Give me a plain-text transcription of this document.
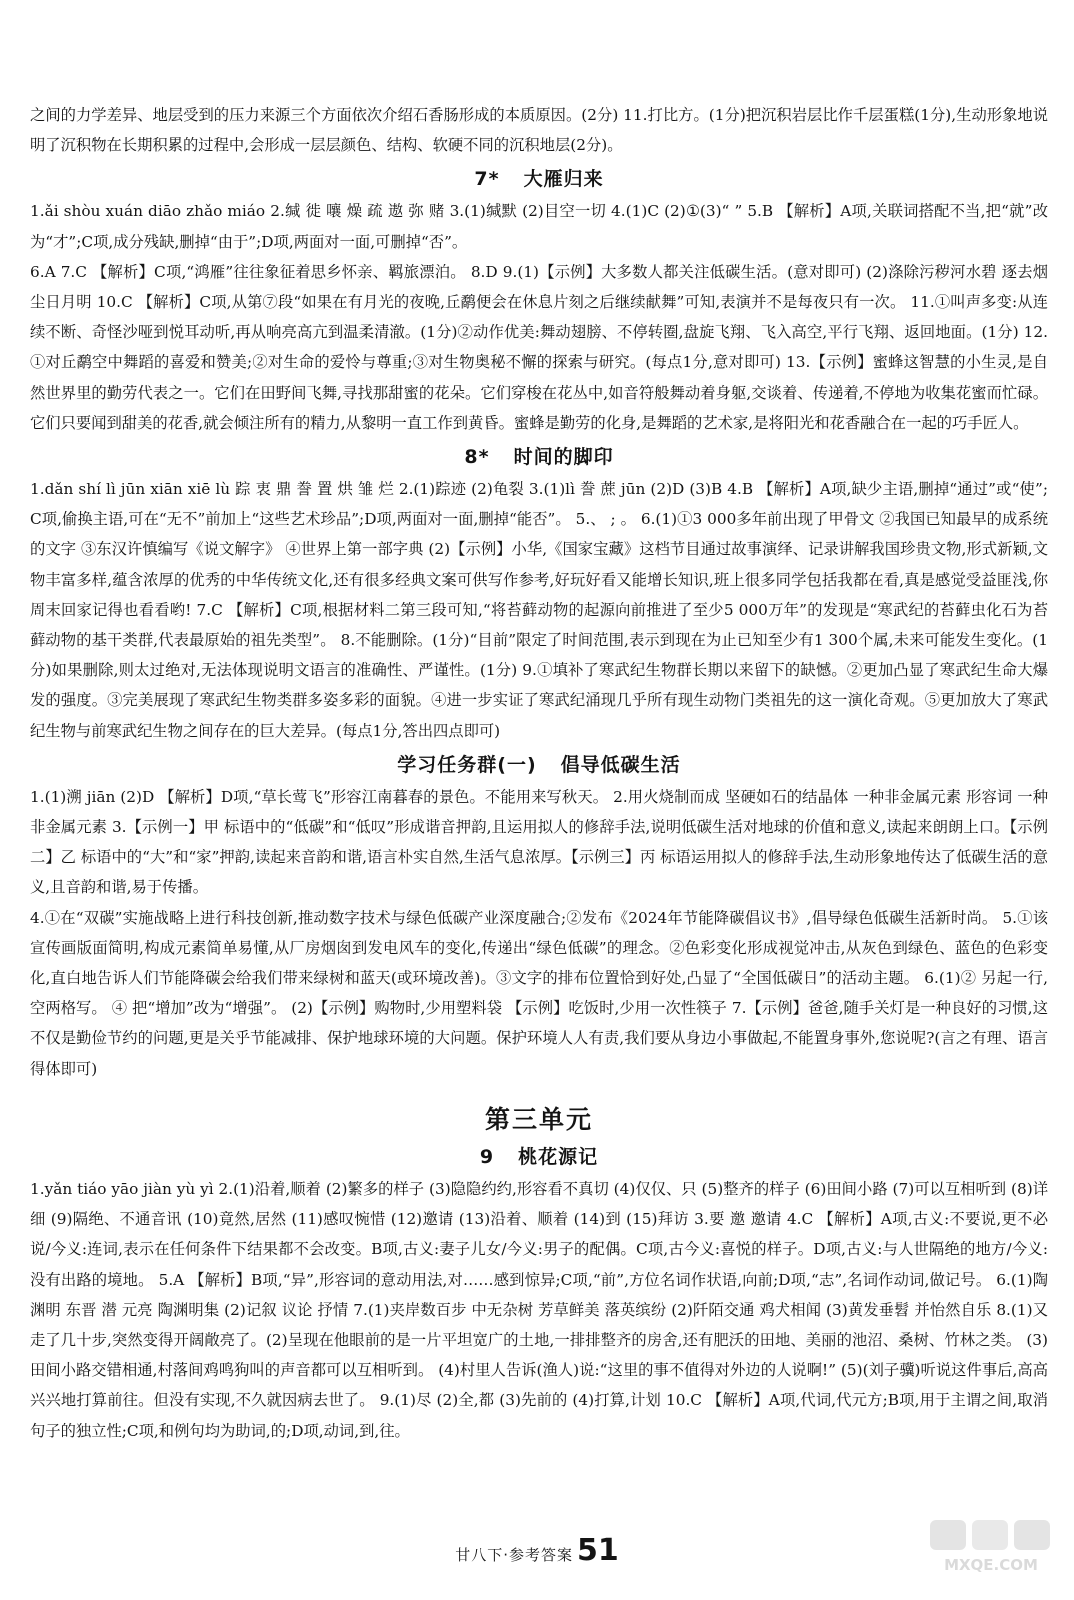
之间的力学差异、地层受到的压力来源三个方面依次介绍石香肠形成的本质原因。(2分) 11.打比方。(1分)把沉积岩层比作千层蛋糕(1分),生动形象地说明了沉积物在长期积累的过程中,会形成一层层颜色、结构、软硬不同的沉积地层(2分)。

7* 大雁归来

1.ǎi shòu xuán diāo zhǎo miáo 2.缄 徙 嚷 燥 疏 遨 弥 赌 3.(1)缄默 (2)目空一切 4.(1)C (2)①(3)“ ” 5.B 【解析】A项,关联词搭配不当,把“就”改为“才”;C项,成分残缺,删掉“由于”;D项,两面对一面,可删掉“否”。

6.A 7.C 【解析】C项,“鸿雁”往往象征着思乡怀亲、羁旅漂泊。 8.D 9.(1)【示例】大多数人都关注低碳生活。(意对即可) (2)涤除污秽河水碧 逐去烟尘日月明 10.C 【解析】C项,从第⑦段“如果在有月光的夜晚,丘鹬便会在休息片刻之后继续献舞”可知,表演并不是每夜只有一次。 11.①叫声多变:从连续不断、奇怪沙哑到悦耳动听,再从响亮高亢到温柔清澈。(1分)②动作优美:舞动翅膀、不停转圈,盘旋飞翔、飞入高空,平行飞翔、返回地面。(1分) 12.①对丘鹬空中舞蹈的喜爱和赞美;②对生命的爱怜与尊重;③对生物奥秘不懈的探索与研究。(每点1分,意对即可) 13.【示例】蜜蜂这智慧的小生灵,是自然世界里的勤劳代表之一。它们在田野间飞舞,寻找那甜蜜的花朵。它们穿梭在花丛中,如音符般舞动着身躯,交谈着、传递着,不停地为收集花蜜而忙碌。它们只要闻到甜美的花香,就会倾注所有的精力,从黎明一直工作到黄昏。蜜蜂是勤劳的化身,是舞蹈的艺术家,是将阳光和花香融合在一起的巧手匠人。

8* 时间的脚印

1.dǎn shí lì jūn xiān xiē lù 踪 衷 鼎 誊 置 烘 雏 烂 2.(1)踪迹 (2)龟裂 3.(1)lì 誊 蔗 jūn (2)D (3)B 4.B 【解析】A项,缺少主语,删掉“通过”或“使”;C项,偷换主语,可在“无不”前加上“这些艺术珍品”;D项,两面对一面,删掉“能否”。 5.、 ; 。 6.(1)①3 000多年前出现了甲骨文 ②我国已知最早的成系统的文字 ③东汉许慎编写《说文解字》 ④世界上第一部字典 (2)【示例】小华,《国家宝藏》这档节目通过故事演绎、记录讲解我国珍贵文物,形式新颖,文物丰富多样,蕴含浓厚的优秀的中华传统文化,还有很多经典文案可供写作参考,好玩好看又能增长知识,班上很多同学包括我都在看,真是感觉受益匪浅,你周末回家记得也看看哟! 7.C 【解析】C项,根据材料二第三段可知,“将苔藓动物的起源向前推进了至少5 000万年”的发现是“寒武纪的苔藓虫化石为苔藓动物的基干类群,代表最原始的祖先类型”。 8.不能删除。(1分)“目前”限定了时间范围,表示到现在为止已知至少有1 300个属,未来可能发生变化。(1分)如果删除,则太过绝对,无法体现说明文语言的准确性、严谨性。(1分) 9.①填补了寒武纪生物群长期以来留下的缺憾。②更加凸显了寒武纪生命大爆发的强度。③完美展现了寒武纪生物类群多姿多彩的面貌。④进一步实证了寒武纪涌现几乎所有现生动物门类祖先的这一演化奇观。⑤更加放大了寒武纪生物与前寒武纪生物之间存在的巨大差异。(每点1分,答出四点即可)

学习任务群(一) 倡导低碳生活

1.(1)溯 jiān (2)D 【解析】D项,“草长莺飞”形容江南暮春的景色。不能用来写秋天。 2.用火烧制而成 坚硬如石的结晶体 一种非金属元素 形容词 一种非金属元素 3.【示例一】甲 标语中的“低碳”和“低叹”形成谐音押韵,且运用拟人的修辞手法,说明低碳生活对地球的价值和意义,读起来朗朗上口。【示例二】乙 标语中的“大”和“家”押韵,读起来音韵和谐,语言朴实自然,生活气息浓厚。【示例三】丙 标语运用拟人的修辞手法,生动形象地传达了低碳生活的意义,且音韵和谐,易于传播。

4.①在“双碳”实施战略上进行科技创新,推动数字技术与绿色低碳产业深度融合;②发布《2024年节能降碳倡议书》,倡导绿色低碳生活新时尚。 5.①该宣传画版面简明,构成元素简单易懂,从厂房烟囱到发电风车的变化,传递出“绿色低碳”的理念。②色彩变化形成视觉冲击,从灰色到绿色、蓝色的色彩变化,直白地告诉人们节能降碳会给我们带来绿树和蓝天(或环境改善)。③文字的排布位置恰到好处,凸显了“全国低碳日”的活动主题。 6.(1)② 另起一行,空两格写。 ④ 把“增加”改为“增强”。 (2)【示例】购物时,少用塑料袋 【示例】吃饭时,少用一次性筷子 7.【示例】爸爸,随手关灯是一种良好的习惯,这不仅是勤俭节约的问题,更是关乎节能减排、保护地球环境的大问题。保护环境人人有责,我们要从身边小事做起,不能置身事外,您说呢?(言之有理、语言得体即可)

第三单元
9 桃花源记

1.yǎn tiáo yāo jiàn yù yì 2.(1)沿着,顺着 (2)繁多的样子 (3)隐隐约约,形容看不真切 (4)仅仅、只 (5)整齐的样子 (6)田间小路 (7)可以互相听到 (8)详细 (9)隔绝、不通音讯 (10)竟然,居然 (11)感叹惋惜 (12)邀请 (13)沿着、顺着 (14)到 (15)拜访 3.要 邀 邀请 4.C 【解析】A项,古义:不要说,更不必说/今义:连词,表示在任何条件下结果都不会改变。B项,古义:妻子儿女/今义:男子的配偶。C项,古今义:喜悦的样子。D项,古义:与人世隔绝的地方/今义:没有出路的境地。 5.A 【解析】B项,“异”,形容词的意动用法,对……感到惊异;C项,“前”,方位名词作状语,向前;D项,“志”,名词作动词,做记号。 6.(1)陶渊明 东晋 潜 元亮 陶渊明集 (2)记叙 议论 抒情 7.(1)夹岸数百步 中无杂树 芳草鲜美 落英缤纷 (2)阡陌交通 鸡犬相闻 (3)黄发垂髫 并怡然自乐 8.(1)又走了几十步,突然变得开阔敞亮了。(2)呈现在他眼前的是一片平坦宽广的土地,一排排整齐的房舍,还有肥沃的田地、美丽的池沼、桑树、竹林之类。 (3)田间小路交错相通,村落间鸡鸣狗叫的声音都可以互相听到。 (4)村里人告诉(渔人)说:“这里的事不值得对外边的人说啊!” (5)(刘子骥)听说这件事后,高高兴兴地打算前往。但没有实现,不久就因病去世了。 9.(1)尽 (2)全,都 (3)先前的 (4)打算,计划 10.C 【解析】A项,代词,代元方;B项,用于主谓之间,取消句子的独立性;C项,和例句均为助词,的;D项,动词,到,往。

甘八下·参考答案 51	MXQE.COM
